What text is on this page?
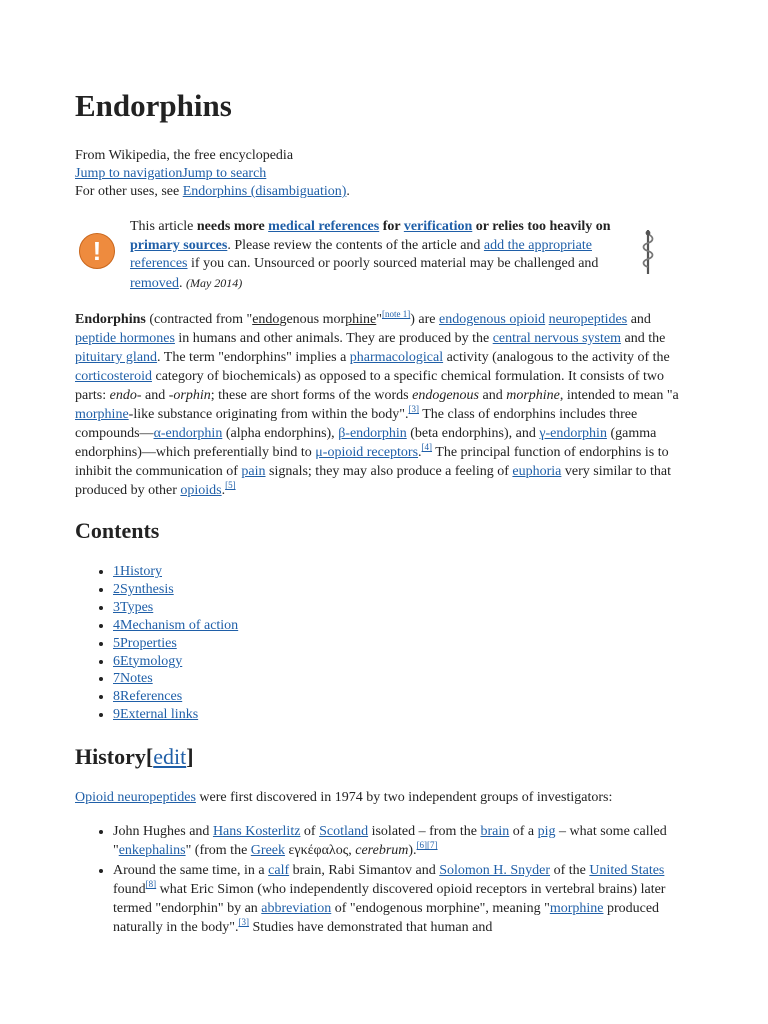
Endorphins
From Wikipedia, the free encyclopedia
Jump to navigationJump to search
For other uses, see Endorphins (disambiguation).
!
This article needs more medical references for verification or relies too heavily on primary sources. Please review the contents of the article and add the appropriate references if you can. Unsourced or poorly sourced material may be challenged and removed. (May 2014)
Endorphins (contracted from "endogenous morphine"[note 1]) are endogenous opioid neuropeptides and peptide hormones in humans and other animals. They are produced by the central nervous system and the pituitary gland. The term "endorphins" implies a pharmacological activity (analogous to the activity of the corticosteroid category of biochemicals) as opposed to a specific chemical formulation. It consists of two parts: endo- and -orphin; these are short forms of the words endogenous and morphine, intended to mean "a morphine-like substance originating from within the body".[3] The class of endorphins includes three compounds—α-endorphin (alpha endorphins), β-endorphin (beta endorphins), and γ-endorphin (gamma endorphins)—which preferentially bind to μ-opioid receptors.[4] The principal function of endorphins is to inhibit the communication of pain signals; they may also produce a feeling of euphoria very similar to that produced by other opioids.[5]
Contents
• 1History
• 2Synthesis
• 3Types
• 4Mechanism of action
• 5Properties
• 6Etymology
• 7Notes
• 8References
• 9External links
History[edit]
Opioid neuropeptides were first discovered in 1974 by two independent groups of investigators:
• John Hughes and Hans Kosterlitz of Scotland isolated – from the brain of a pig – what some called "enkephalins" (from the Greek εγκέφαλος, cerebrum).[6][7]
• Around the same time, in a calf brain, Rabi Simantov and Solomon H. Snyder of the United States found[8] what Eric Simon (who independently discovered opioid receptors in vertebral brains) later termed "endorphin" by an abbreviation of "endogenous morphine", meaning "morphine produced naturally in the body".[3] Studies have demonstrated that human and
